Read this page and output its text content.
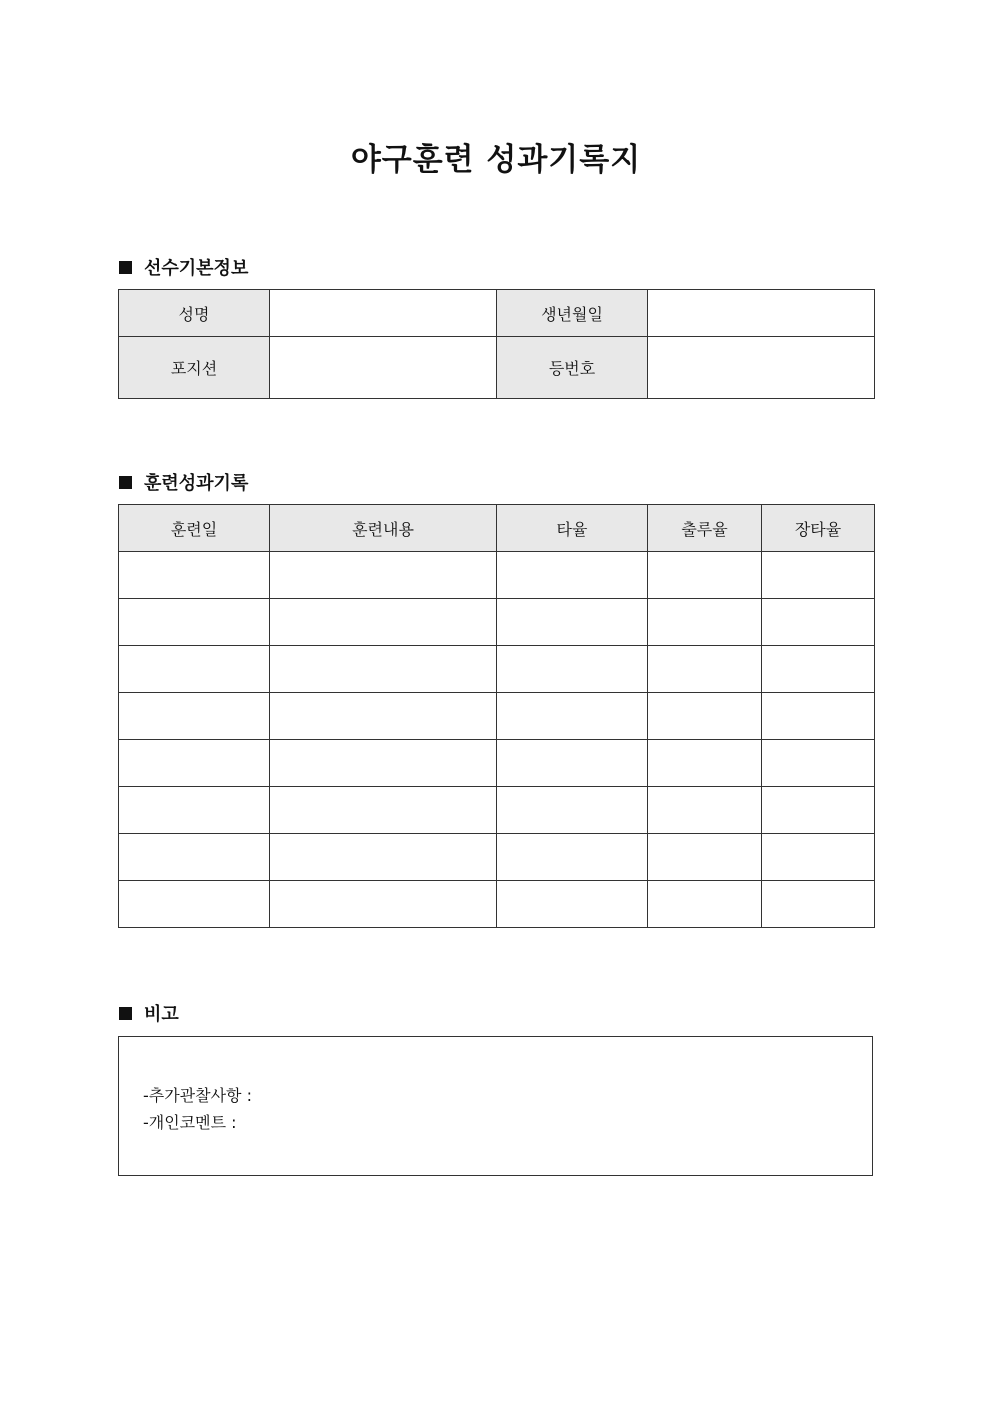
야구훈련 성과기록지
선수기본정보
성명		생년월일	
포지션		등번호	
훈련성과기록
훈련일	훈련내용	타율	출루율	장타율

비고
-추가관찰사항 :
-개인코멘트 :
